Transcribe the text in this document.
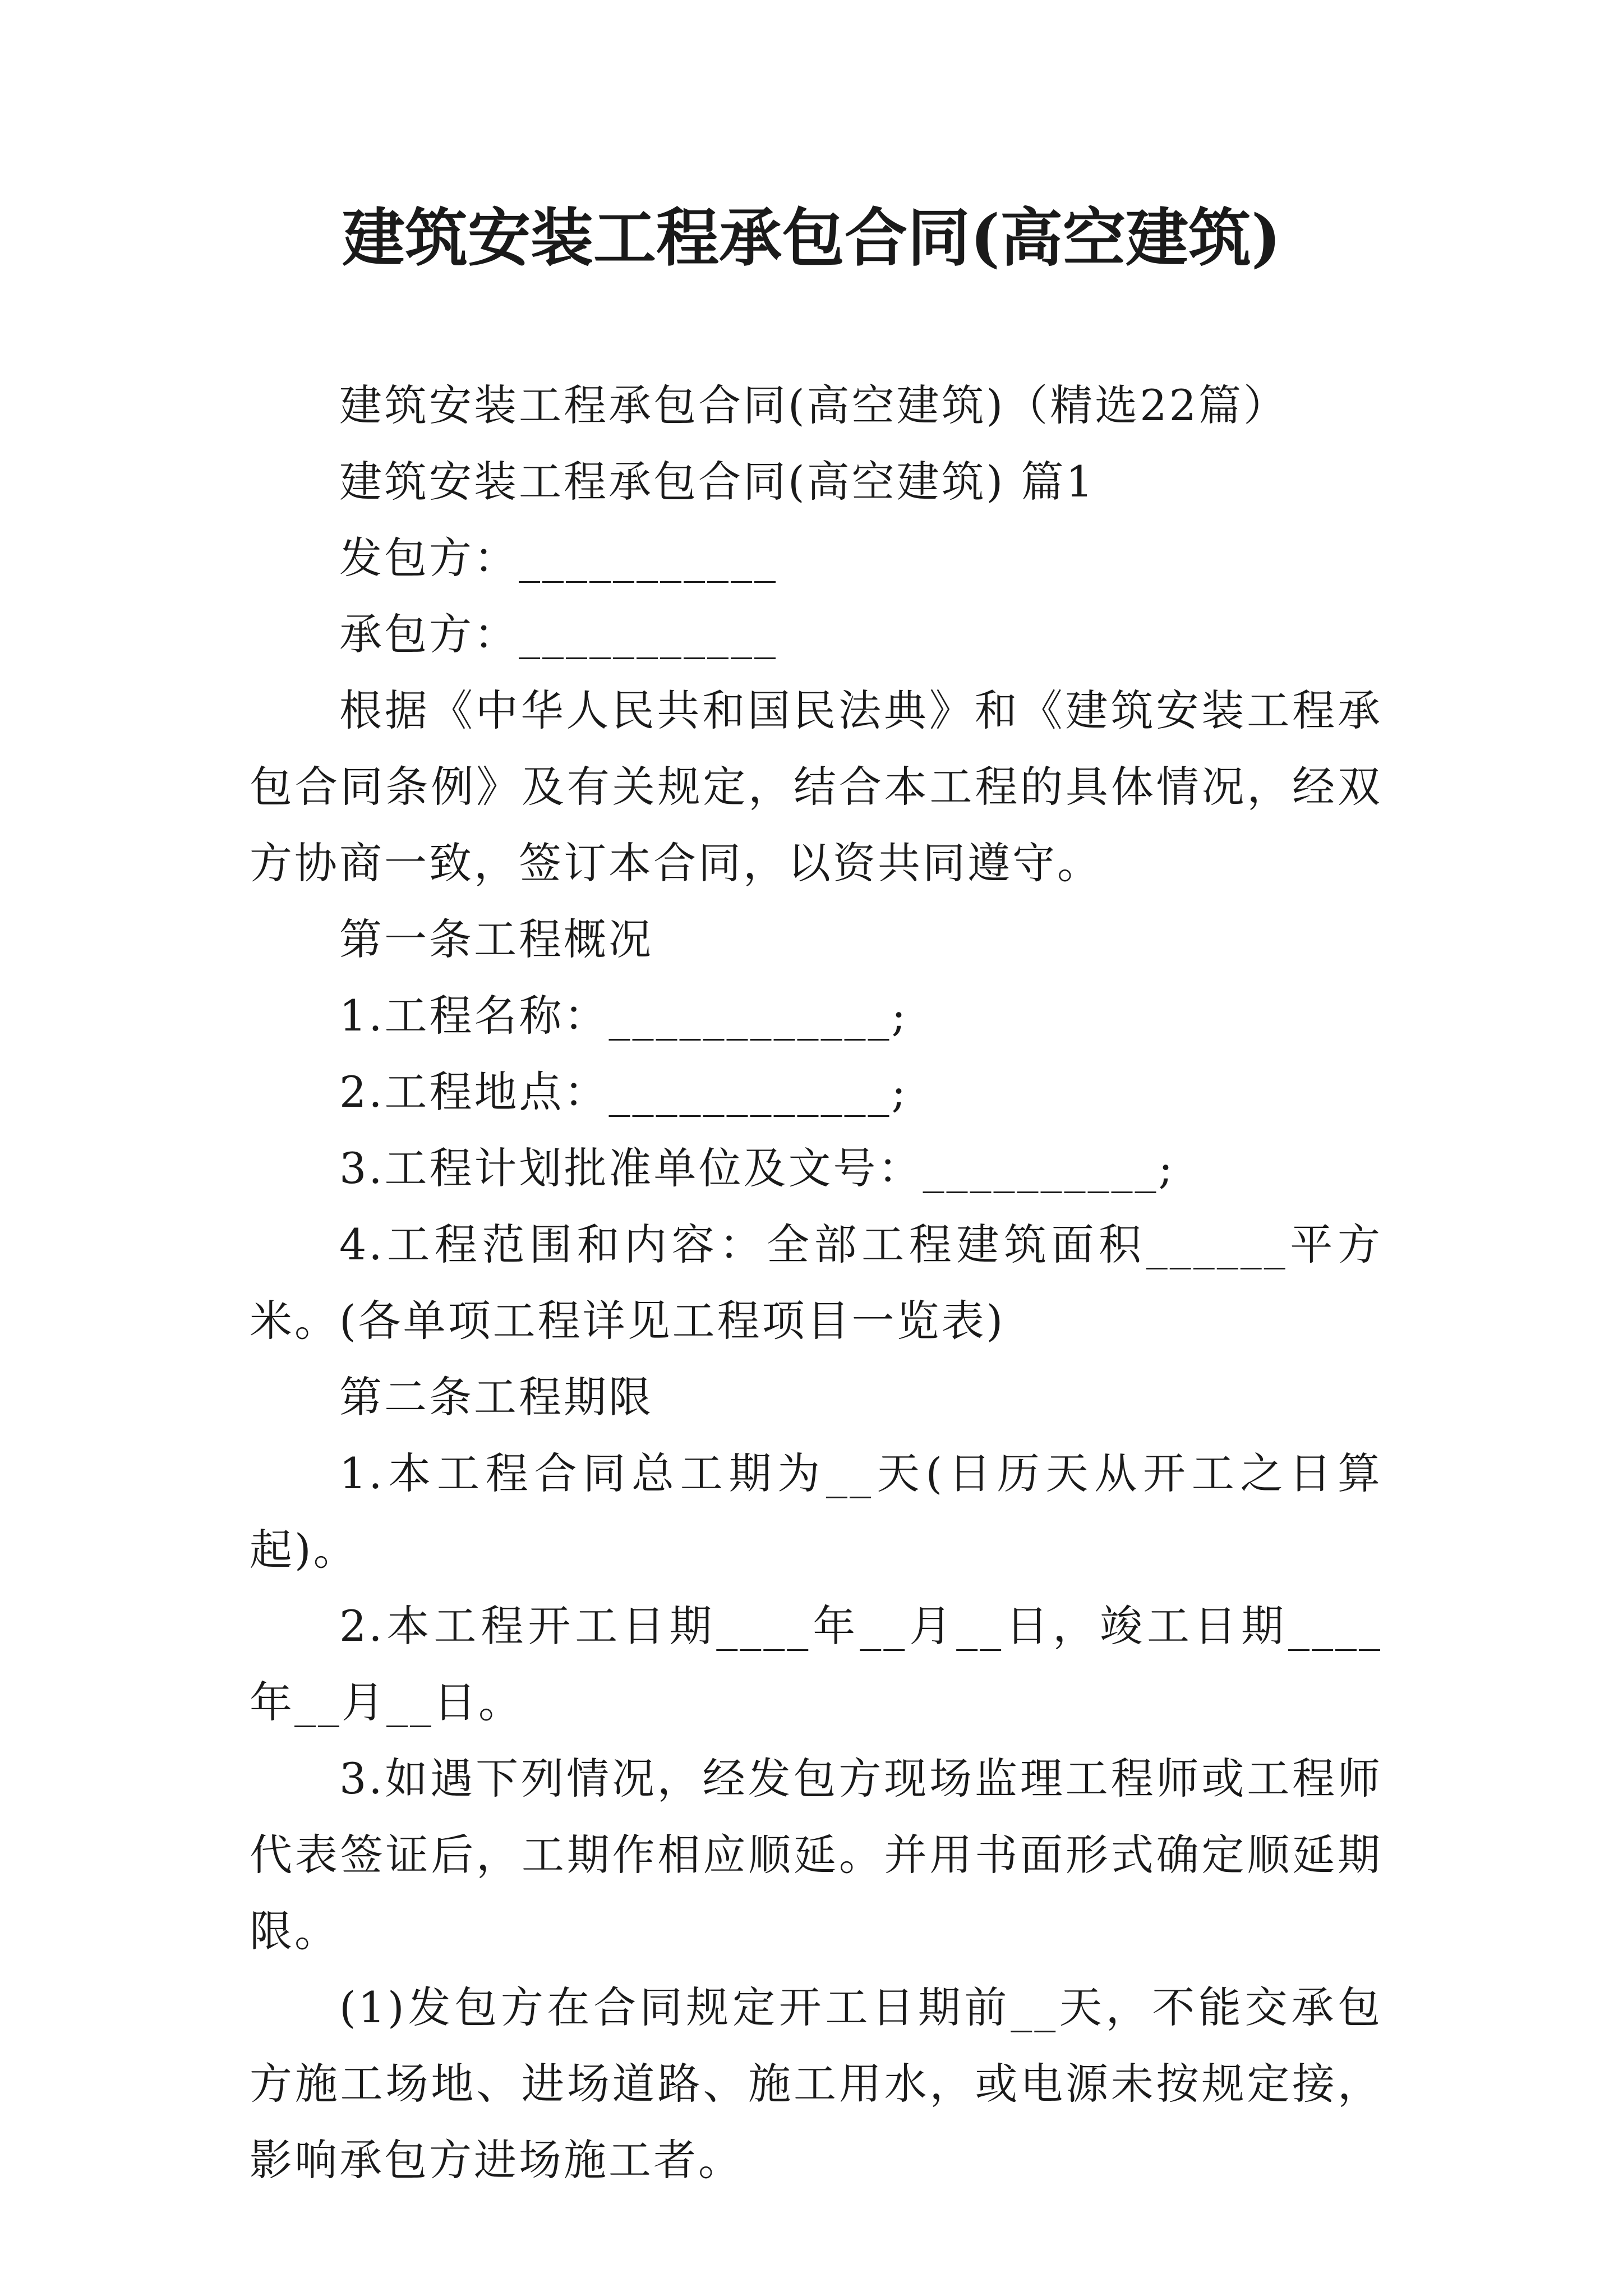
建筑安装工程承包合同(高空建筑)

建筑安装工程承包合同(高空建筑)（精选22篇）

建筑安装工程承包合同(高空建筑) 篇1

发包方：___________

承包方：___________

根据《中华人民共和国民法典》和《建筑安装工程承包合同条例》及有关规定，结合本工程的具体情况，经双方协商一致，签订本合同，以资共同遵守。

第一条工程概况

1.工程名称：____________;

2.工程地点：____________;

3.工程计划批准单位及文号：__________;

4.工程范围和内容：全部工程建筑面积______平方米。(各单项工程详见工程项目一览表)

第二条工程期限

1.本工程合同总工期为__天(日历天从开工之日算起)。

2.本工程开工日期____年__月__日，竣工日期____年__月__日。

3.如遇下列情况，经发包方现场监理工程师或工程师代表签证后，工期作相应顺延。并用书面形式确定顺延期限。

(1)发包方在合同规定开工日期前__天，不能交承包方施工场地、进场道路、施工用水，或电源未按规定接，影响承包方进场施工者。
